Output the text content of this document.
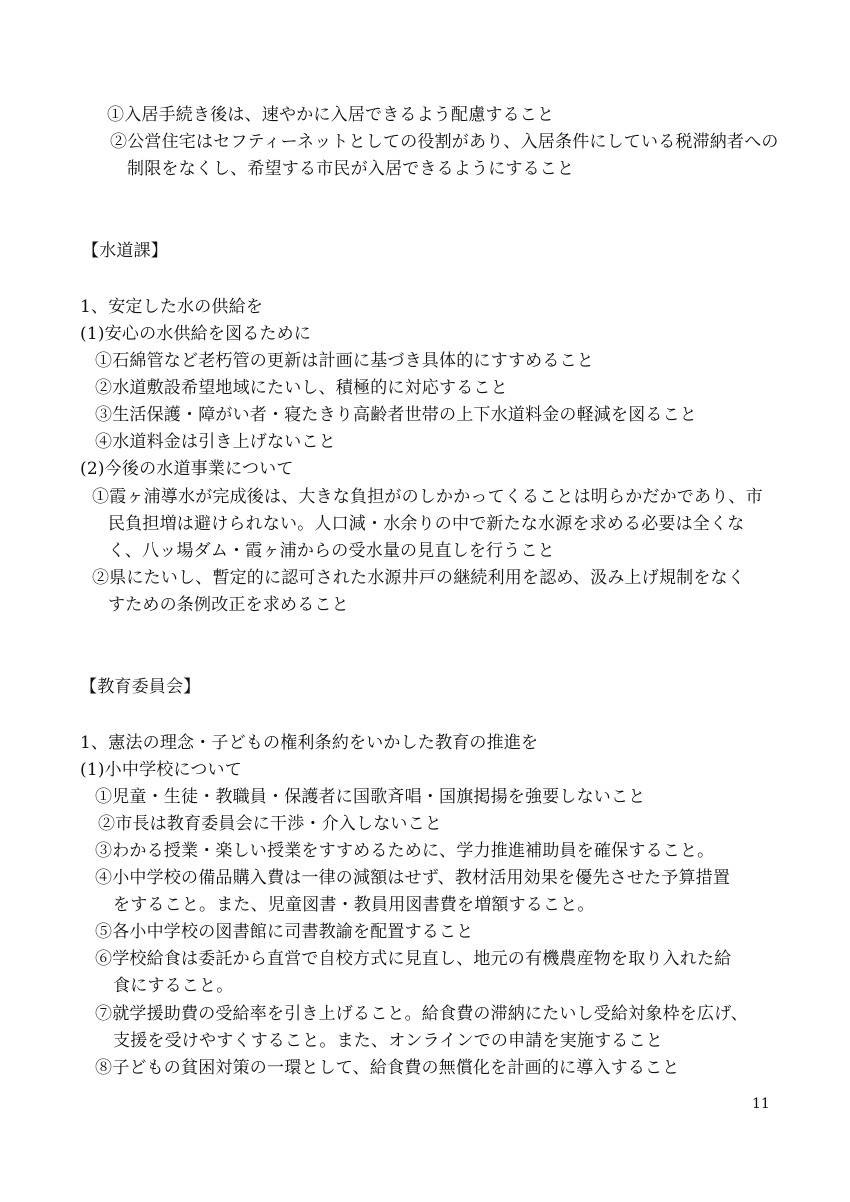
①入居手続き後は、速やかに入居できるよう配慮すること
②公営住宅はセフティーネットとしての役割があり、入居条件にしている税滞納者への
制限をなくし、希望する市民が入居できるようにすること
【水道課】
1、安定した水の供給を
(1)安心の水供給を図るために
①石綿管など老朽管の更新は計画に基づき具体的にすすめること
②水道敷設希望地域にたいし、積極的に対応すること
③生活保護・障がい者・寝たきり高齢者世帯の上下水道料金の軽減を図ること
④水道料金は引き上げないこと
(2)今後の水道事業について
①霞ヶ浦導水が完成後は、大きな負担がのしかかってくることは明らかだかであり、市
民負担増は避けられない。人口減・水余りの中で新たな水源を求める必要は全くな
く、八ッ場ダム・霞ヶ浦からの受水量の見直しを行うこと
②県にたいし、暫定的に認可された水源井戸の継続利用を認め、汲み上げ規制をなく
すための条例改正を求めること
【教育委員会】
1、憲法の理念・子どもの権利条約をいかした教育の推進を
(1)小中学校について
①児童・生徒・教職員・保護者に国歌斉唱・国旗掲揚を強要しないこと
②市長は教育委員会に干渉・介入しないこと
③わかる授業・楽しい授業をすすめるために、学力推進補助員を確保すること。
④小中学校の備品購入費は一律の減額はせず、教材活用効果を優先させた予算措置
をすること。また、児童図書・教員用図書費を増額すること。
⑤各小中学校の図書館に司書教諭を配置すること
⑥学校給食は委託から直営で自校方式に見直し、地元の有機農産物を取り入れた給
食にすること。
⑦就学援助費の受給率を引き上げること。給食費の滞納にたいし受給対象枠を広げ、
支援を受けやすくすること。また、オンラインでの申請を実施すること
⑧子どもの貧困対策の一環として、給食費の無償化を計画的に導入すること
11
